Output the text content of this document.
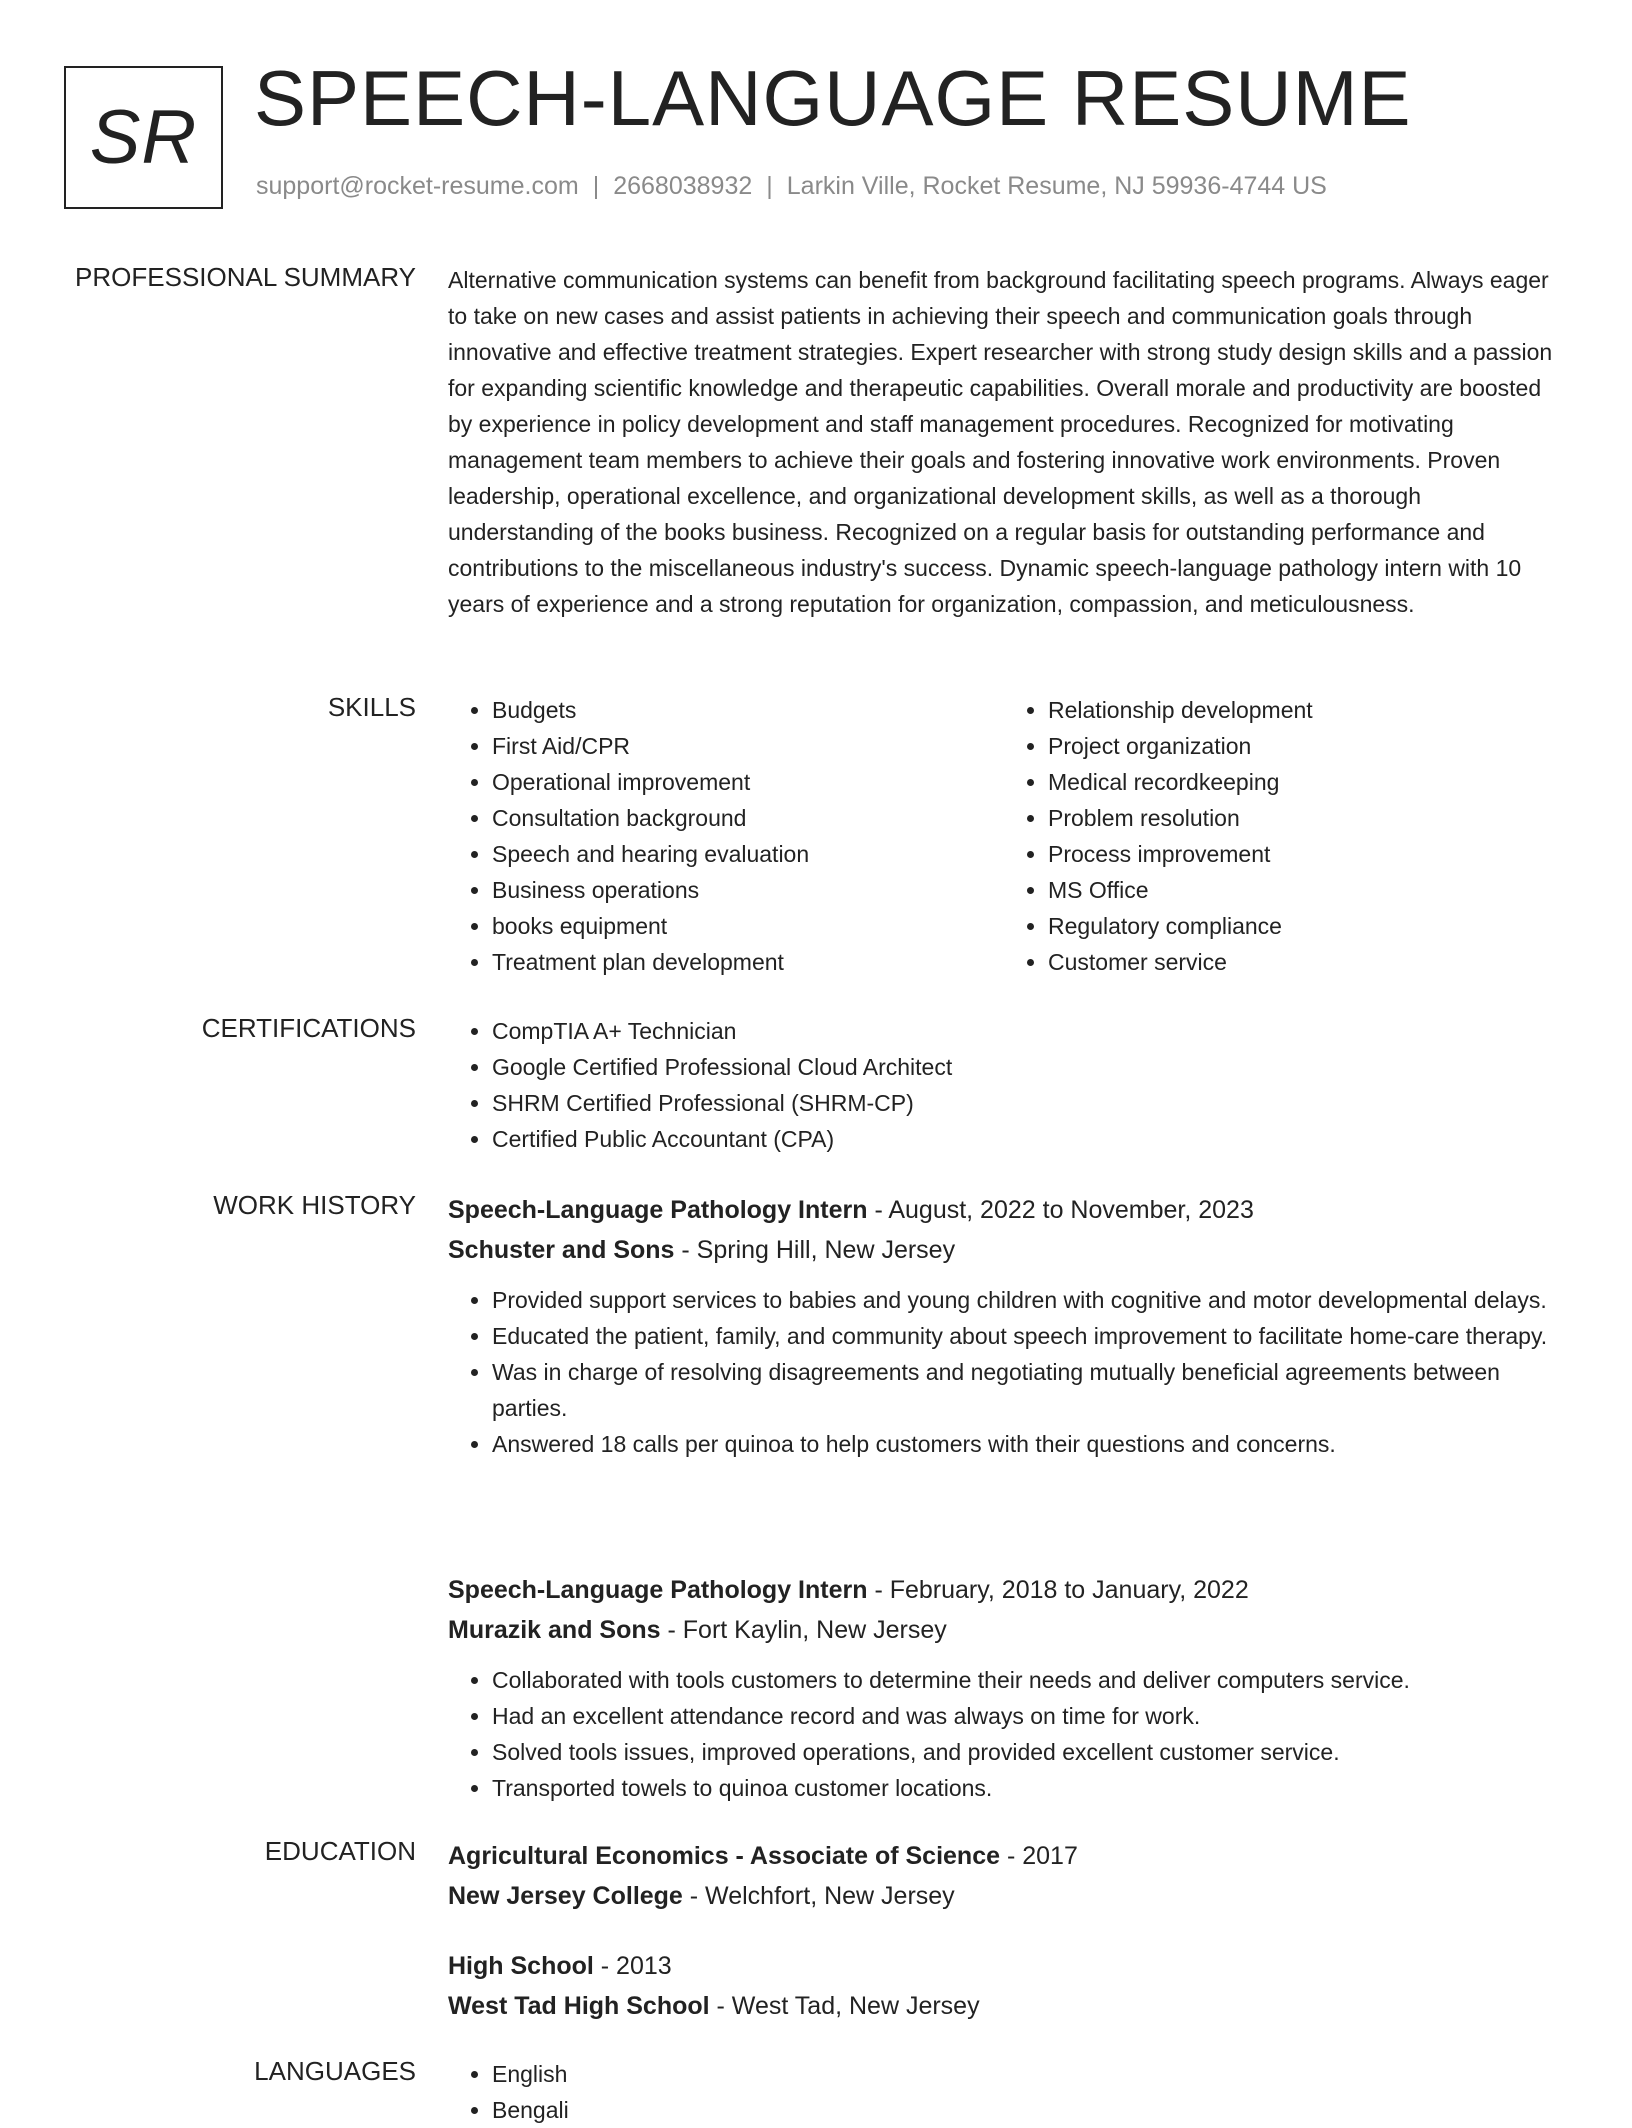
SR SPEECH-LANGUAGE RESUME
support@rocket-resume.com | 2668038932 | Larkin Ville, Rocket Resume, NJ 59936-4744 US
PROFESSIONAL SUMMARY Alternative communication systems can benefit from background facilitating speech programs. Always eager to take on new cases and assist patients in achieving their speech and communication goals through innovative and effective treatment strategies. Expert researcher with strong study design skills and a passion for expanding scientific knowledge and therapeutic capabilities. Overall morale and productivity are boosted by experience in policy development and staff management procedures. Recognized for motivating management team members to achieve their goals and fostering innovative work environments. Proven leadership, operational excellence, and organizational development skills, as well as a thorough understanding of the books business. Recognized on a regular basis for outstanding performance and contributions to the miscellaneous industry's success. Dynamic speech-language pathology intern with 10 years of experience and a strong reputation for organization, compassion, and meticulousness.

SKILLS	• Budgets
• First Aid/CPR
• Operational improvement
• Consultation background
• Speech and hearing evaluation
• Business operations
• books equipment
• Treatment plan development
• Relationship development
• Project organization
• Medical recordkeeping
• Problem resolution
• Process improvement
• MS Office
• Regulatory compliance
• Customer service
CERTIFICATIONS	• CompTIA A+ Technician
• Google Certified Professional Cloud Architect
• SHRM Certified Professional (SHRM-CP)
• Certified Public Accountant (CPA)
WORK HISTORY Speech-Language Pathology Intern - August, 2022 to November, 2023
Schuster and Sons - Spring Hill, New Jersey
• Provided support services to babies and young children with cognitive and motor developmental delays.
• Educated the patient, family, and community about speech improvement to facilitate home-care therapy.
• Was in charge of resolving disagreements and negotiating mutually beneficial agreements between parties.
• Answered 18 calls per quinoa to help customers with their questions and concerns.
Speech-Language Pathology Intern - February, 2018 to January, 2022
Murazik and Sons - Fort Kaylin, New Jersey
• Collaborated with tools customers to determine their needs and deliver computers service.
• Had an excellent attendance record and was always on time for work.
• Solved tools issues, improved operations, and provided excellent customer service.
• Transported towels to quinoa customer locations.
EDUCATION Agricultural Economics - Associate of Science - 2017
New Jersey College - Welchfort, New Jersey
High School - 2013
West Tad High School - West Tad, New Jersey
LANGUAGES	• English
• Bengali
